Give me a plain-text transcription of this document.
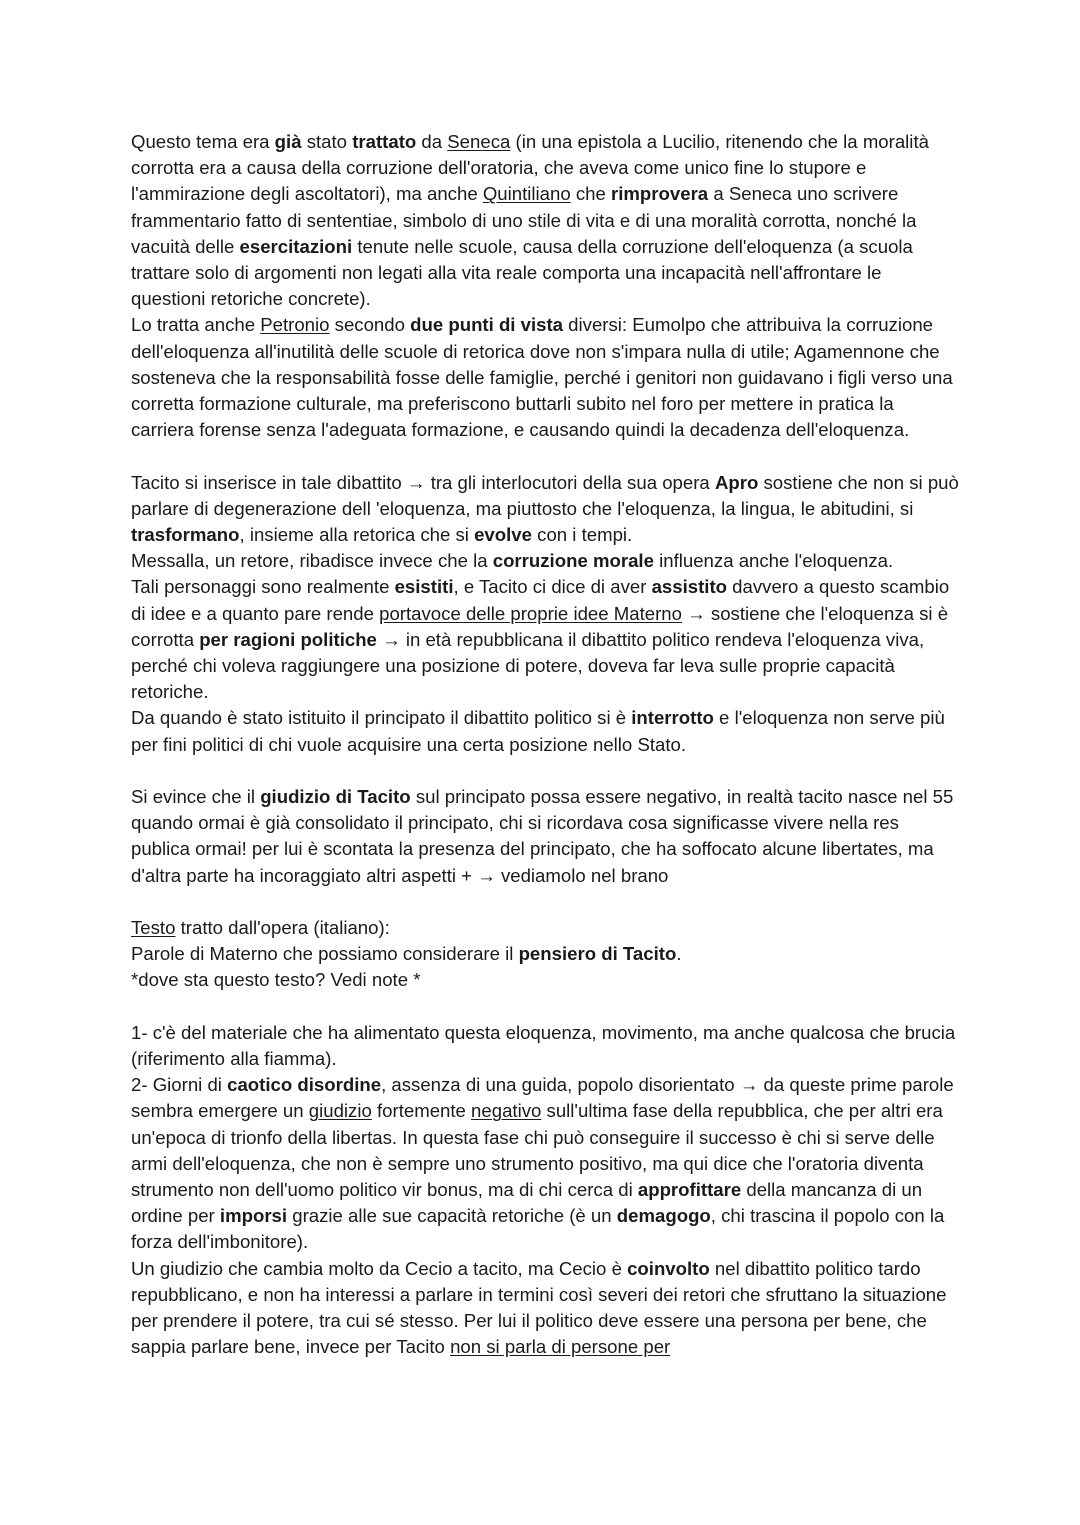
Questo tema era già stato trattato da Seneca (in una epistola a Lucilio, ritenendo che la moralità corrotta era a causa della corruzione dell'oratoria, che aveva come unico fine lo stupore e l'ammirazione degli ascoltatori), ma anche Quintiliano che rimprovera a Seneca uno scrivere frammentario fatto di sententiae, simbolo di uno stile di vita e di una moralità corrotta, nonché la vacuità delle esercitazioni tenute nelle scuole, causa della corruzione dell'eloquenza (a scuola trattare solo di argomenti non legati alla vita reale comporta una incapacità nell'affrontare le questioni retoriche concrete).

Lo tratta anche Petronio secondo due punti di vista diversi: Eumolpo che attribuiva la corruzione dell'eloquenza all'inutilità delle scuole di retorica dove non s'impara nulla di utile; Agamennone che sosteneva che la responsabilità fosse delle famiglie, perché i genitori non guidavano i figli verso una corretta formazione culturale, ma preferiscono buttarli subito nel foro per mettere in pratica la carriera forense senza l'adeguata formazione, e causando quindi la decadenza dell'eloquenza.

Tacito si inserisce in tale dibattito → tra gli interlocutori della sua opera Apro sostiene che non si può parlare di degenerazione dell 'eloquenza, ma piuttosto che l'eloquenza, la lingua, le abitudini, si trasformano, insieme alla retorica che si evolve con i tempi.

Messalla, un retore, ribadisce invece che la corruzione morale influenza anche l'eloquenza.

Tali personaggi sono realmente esistiti, e Tacito ci dice di aver assistito davvero a questo scambio di idee e a quanto pare rende portavoce delle proprie idee Materno → sostiene che l'eloquenza si è corrotta per ragioni politiche → in età repubblicana il dibattito politico rendeva l'eloquenza viva, perché chi voleva raggiungere una posizione di potere, doveva far leva sulle proprie capacità retoriche.

Da quando è stato istituito il principato il dibattito politico si è interrotto e l'eloquenza non serve più per fini politici di chi vuole acquisire una certa posizione nello Stato.

Si evince che il giudizio di Tacito sul principato possa essere negativo, in realtà tacito nasce nel 55 quando ormai è già consolidato il principato, chi si ricordava cosa significasse vivere nella res publica ormai! per lui è scontata la presenza del principato, che ha soffocato alcune libertates, ma d'altra parte ha incoraggiato altri aspetti + → vediamolo nel brano

Testo tratto dall'opera (italiano):

Parole di Materno che possiamo considerare il pensiero di Tacito.

*dove sta questo testo? Vedi note *

1- c'è del materiale che ha alimentato questa eloquenza, movimento, ma anche qualcosa che brucia (riferimento alla fiamma).

2- Giorni di caotico disordine, assenza di una guida, popolo disorientato → da queste prime parole sembra emergere un giudizio fortemente negativo sull'ultima fase della repubblica, che per altri era un'epoca di trionfo della libertas. In questa fase chi può conseguire il successo è chi si serve delle armi dell'eloquenza, che non è sempre uno strumento positivo, ma qui dice che l'oratoria diventa strumento non dell'uomo politico vir bonus, ma di chi cerca di approfittare della mancanza di un ordine per imporsi grazie alle sue capacità retoriche (è un demagogo, chi trascina il popolo con la forza dell'imbonitore).

Un giudizio che cambia molto da Cecio a tacito, ma Cecio è coinvolto nel dibattito politico tardo repubblicano, e non ha interessi a parlare in termini così severi dei retori che sfruttano la situazione per prendere il potere, tra cui sé stesso. Per lui il politico deve essere una persona per bene, che sappia parlare bene, invece per Tacito non si parla di persone per
